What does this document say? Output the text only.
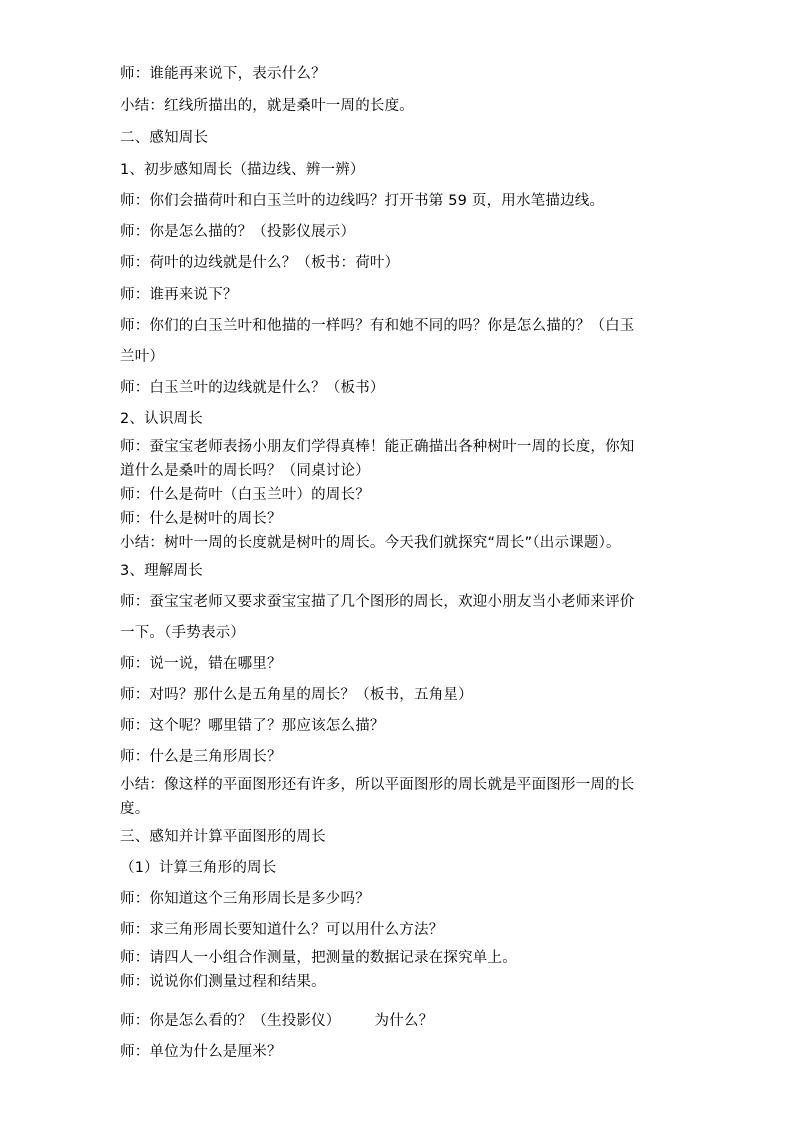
师：谁能再来说下，表示什么？
小结：红线所描出的，就是桑叶一周的长度。
二、感知周长
1、初步感知周长（描边线、辨一辨）
师：你们会描荷叶和白玉兰叶的边线吗？打开书第 59 页，用水笔描边线。
师：你是怎么描的？（投影仪展示）
师：荷叶的边线就是什么？（板书：荷叶）
师：谁再来说下？
师：你们的白玉兰叶和他描的一样吗？有和她不同的吗？你是怎么描的？（白玉
兰叶）
师：白玉兰叶的边线就是什么？（板书）
2、认识周长
师：蚕宝宝老师表扬小朋友们学得真棒！能正确描出各种树叶一周的长度，你知
道什么是桑叶的周长吗？（同桌讨论）
师：什么是荷叶（白玉兰叶）的周长？
师：什么是树叶的周长？
小结：树叶一周的长度就是树叶的周长。今天我们就探究“周长”（出示课题）。
3、理解周长
师：蚕宝宝老师又要求蚕宝宝描了几个图形的周长，欢迎小朋友当小老师来评价
一下。（手势表示）
师：说一说，错在哪里？
师：对吗？那什么是五角星的周长？（板书，五角星）
师：这个呢？哪里错了？那应该怎么描？
师：什么是三角形周长？
小结：像这样的平面图形还有许多，所以平面图形的周长就是平面图形一周的长
度。
三、感知并计算平面图形的周长
（1）计算三角形的周长
师：你知道这个三角形周长是多少吗？
师：求三角形周长要知道什么？可以用什么方法？
师：请四人一小组合作测量，把测量的数据记录在探究单上。
师：说说你们测量过程和结果。
师：你是怎么看的？（生投影仪） 为什么？
师：单位为什么是厘米？
